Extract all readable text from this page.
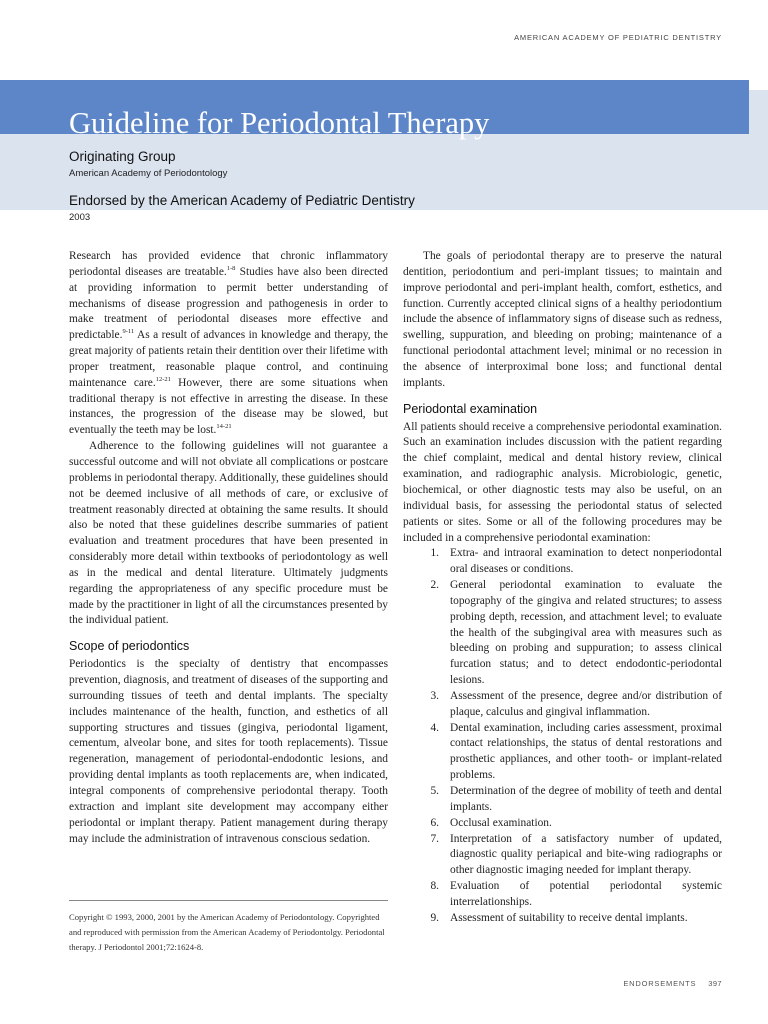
AMERICAN ACADEMY OF PEDIATRIC DENTISTRY
Guideline for Periodontal Therapy
Originating Group
American Academy of Periodontology
Endorsed by the American Academy of Pediatric Dentistry
2003

Research has provided evidence that chronic inflammatory periodontal diseases are treatable.$^{1-8}$ Studies have also been directed at providing information to permit better understanding of mechanisms of disease progression and pathogenesis in order to make treatment of periodontal diseases more effective and predictable.$^{9-11}$ As a result of advances in knowledge and therapy, the great majority of patients retain their dentition over their lifetime with proper treatment, reasonable plaque control, and continuing maintenance care.$^{12-21}$ However, there are some situations when traditional therapy is not effective in arresting the disease. In these instances, the progression of the disease may be slowed, but eventually the teeth may be lost.$^{14-21}$

Adherence to the following guidelines will not guarantee a successful outcome and will not obviate all complications or postcare problems in periodontal therapy. Additionally, these guidelines should not be deemed inclusive of all methods of care, or exclusive of treatment reasonably directed at obtaining the same results. It should also be noted that these guidelines describe summaries of patient evaluation and treatment procedures that have been presented in considerably more detail within textbooks of periodontology as well as in the medical and dental literature. Ultimately judgments regarding the appropriateness of any specific procedure must be made by the practitioner in light of all the circumstances presented by the individual patient.

Scope of periodontics

Periodontics is the specialty of dentistry that encompasses prevention, diagnosis, and treatment of diseases of the supporting and surrounding tissues of teeth and dental implants. The specialty includes maintenance of the health, function, and esthetics of all supporting structures and tissues (gingiva, periodontal ligament, cementum, alveolar bone, and sites for tooth replacements). Tissue regeneration, management of periodontal-endodontic lesions, and providing dental implants as tooth replacements are, when indicated, integral components of comprehensive periodontal therapy. Tooth extraction and implant site development may accompany either periodontal or implant therapy. Patient management during therapy may include the administration of intravenous conscious sedation.

The goals of periodontal therapy are to preserve the natural dentition, periodontium and peri-implant tissues; to maintain and improve periodontal and peri-implant health, comfort, esthetics, and function. Currently accepted clinical signs of a healthy periodontium include the absence of inflammatory signs of disease such as redness, swelling, suppuration, and bleeding on probing; maintenance of a functional periodontal attachment level; minimal or no recession in the absence of interproximal bone loss; and functional dental implants.

Periodontal examination

All patients should receive a comprehensive periodontal examination. Such an examination includes discussion with the patient regarding the chief complaint, medical and dental history review, clinical examination, and radiographic analysis. Microbiologic, genetic, biochemical, or other diagnostic tests may also be useful, on an individual basis, for assessing the periodontal status of selected patients or sites. Some or all of the following procedures may be included in a comprehensive periodontal examination:

1. Extra- and intraoral examination to detect nonperiodontal oral diseases or conditions.
2. General periodontal examination to evaluate the topography of the gingiva and related structures; to assess probing depth, recession, and attachment level; to evaluate the health of the subgingival area with measures such as bleeding on probing and suppuration; to assess clinical furcation status; and to detect endodontic-periodontal lesions.
3. Assessment of the presence, degree and/or distribution of plaque, calculus and gingival inflammation.
4. Dental examination, including caries assessment, proximal contact relationships, the status of dental restorations and prosthetic appliances, and other tooth- or implant-related problems.
5. Determination of the degree of mobility of teeth and dental implants.
6. Occlusal examination.
7. Interpretation of a satisfactory number of updated, diagnostic quality periapical and bite-wing radiographs or other diagnostic imaging needed for implant therapy.
8. Evaluation of potential periodontal systemic interrelationships.
9. Assessment of suitability to receive dental implants.
Copyright © 1993, 2000, 2001 by the American Academy of Periodontology. Copyrighted and reproduced with permission from the American Academy of Periodontolgy. Periodontal therapy. J Periodontol 2001;72:1624-8.
ENDORSEMENTS 397
